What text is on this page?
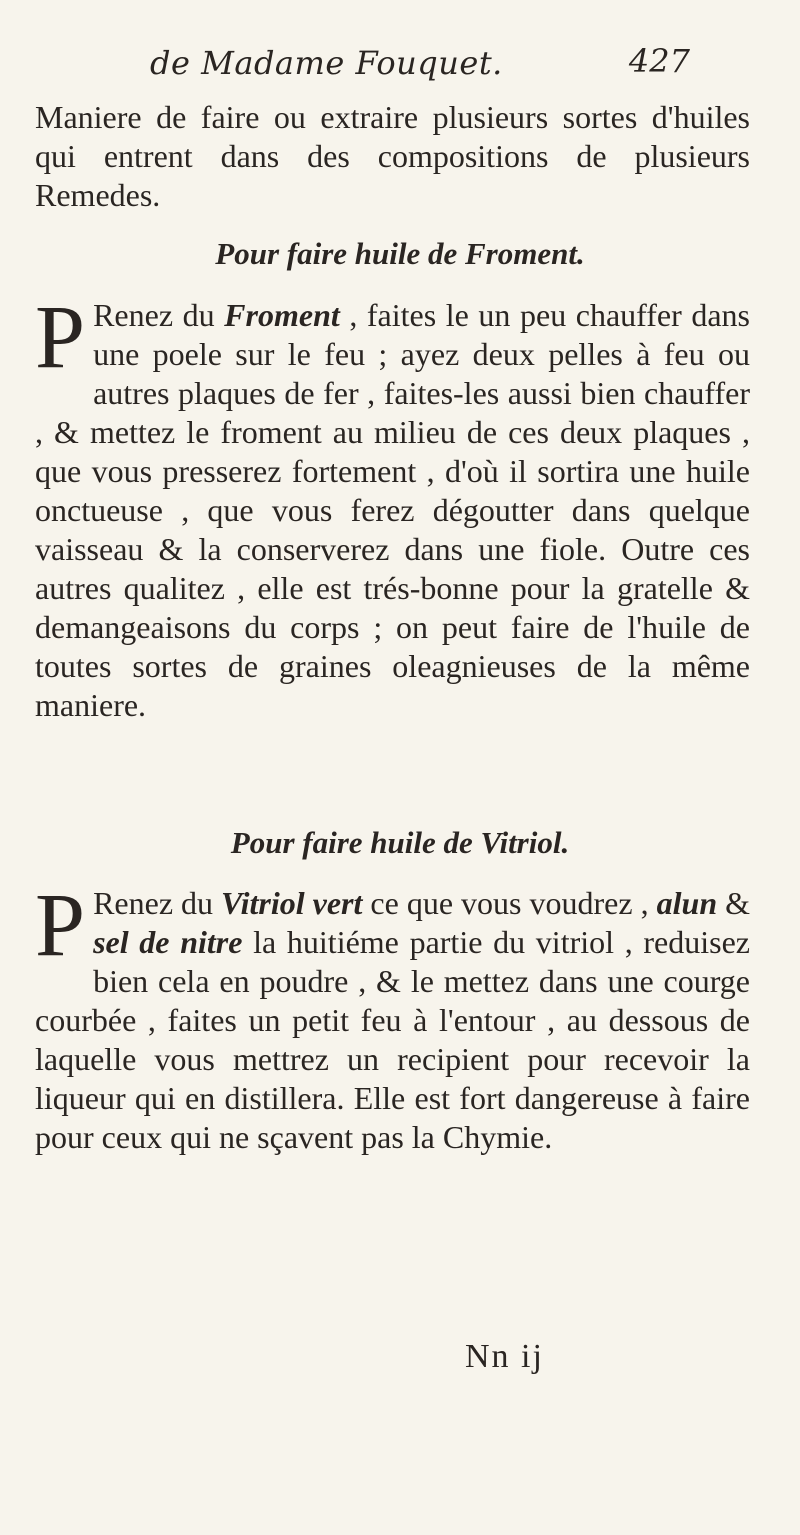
de Madame Fouquet.	427
Maniere de faire ou extraire plusieurs sortes d'huiles qui entrent dans des compositions de plusieurs Remedes.
Pour faire huile de Froment.
P Renez du Froment , faites le un peu chauffer dans une poele sur le feu ; ayez deux pelles à feu ou autres plaques de fer , faites-les aussi bien chauffer , & mettez le froment au milieu de ces deux plaques , que vous presserez fortement , d'où il sortira une huile onctueuse , que vous ferez dégoutter dans quelque vaisseau & la conserverez dans une fiole. Outre ces autres qualitez , elle est trés-bonne pour la gratelle & demangeaisons du corps ; on peut faire de l'huile de toutes sortes de graines oleagnieuses de la même maniere.
Pour faire huile de Vitriol.
P Renez du Vitriol vert ce que vous voudrez , alun & sel de nitre la huitiéme partie du vitriol , reduisez bien cela en poudre , & le mettez dans une courge courbée , faites un petit feu à l'entour , au dessous de laquelle vous mettrez un recipient pour recevoir la liqueur qui en distillera. Elle est fort dangereuse à faire pour ceux qui ne sçavent pas la Chymie.
Nn ij
